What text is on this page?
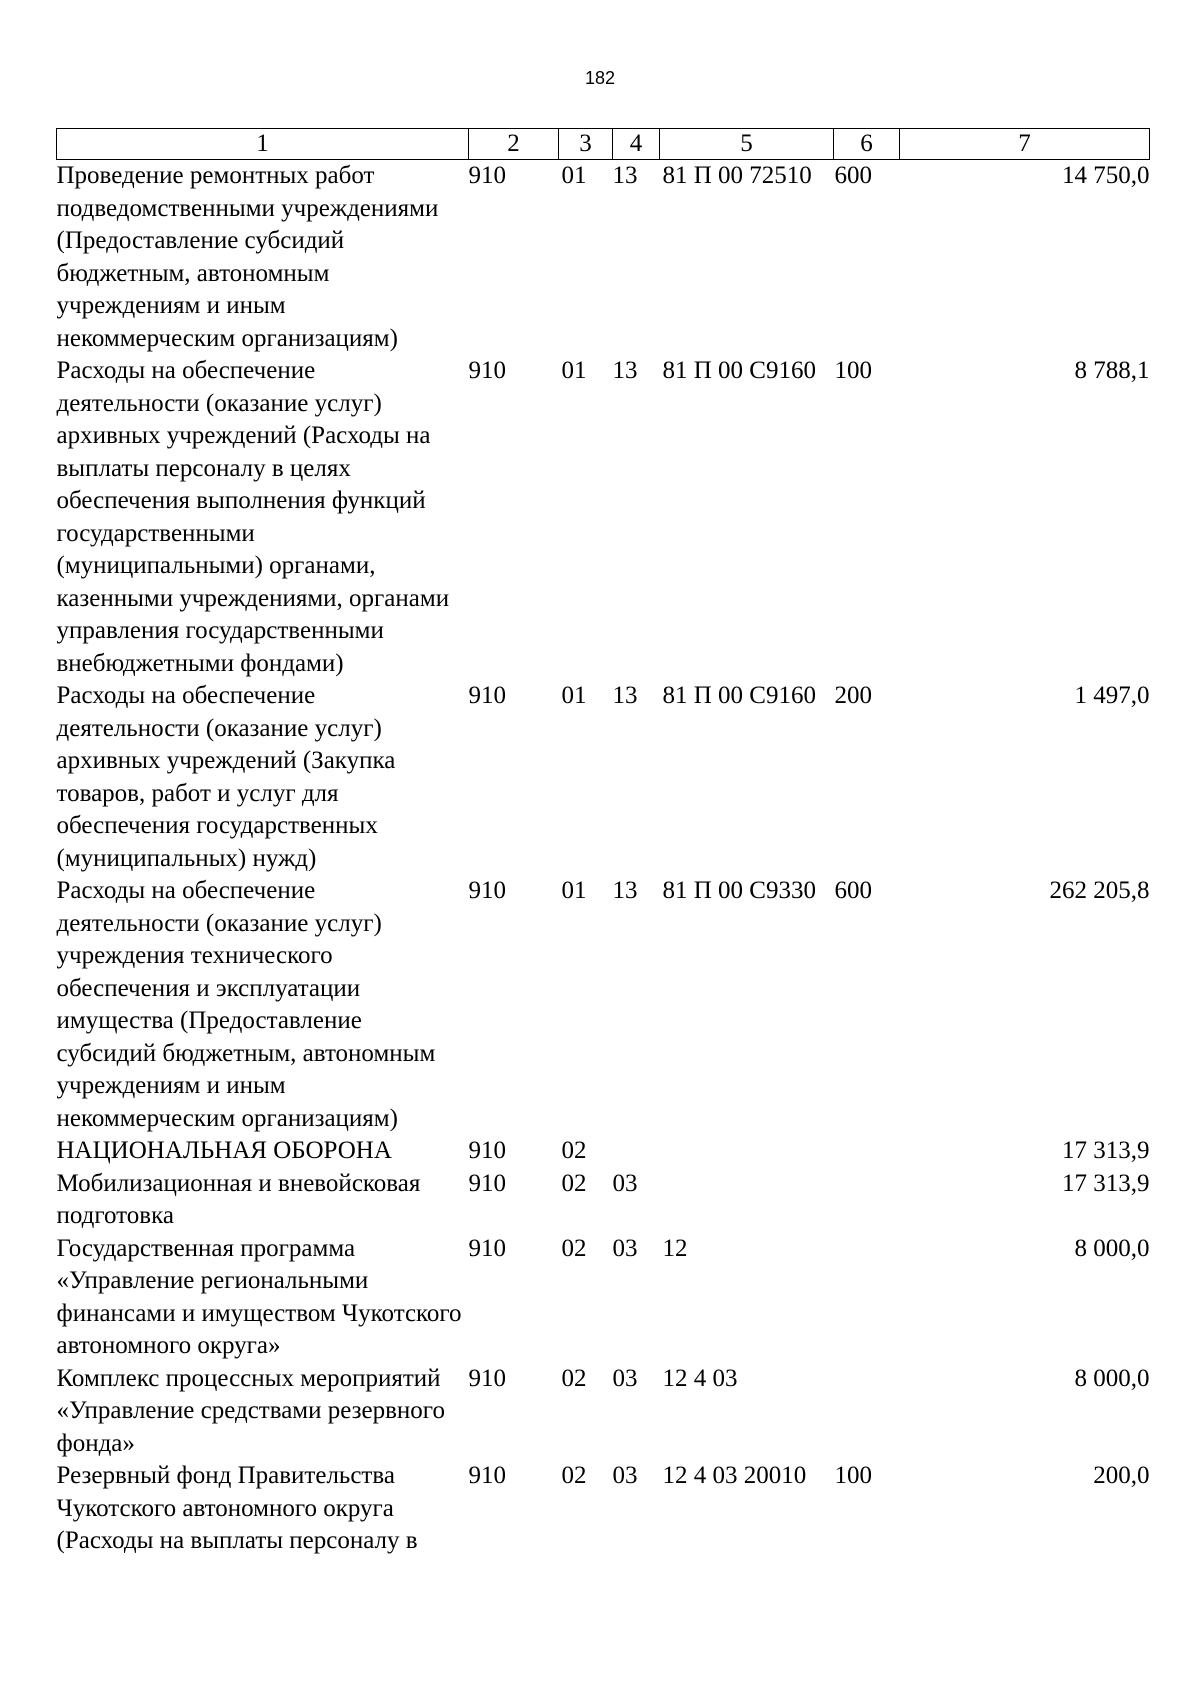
182
1	2	3	4	5	6	7
Проведение ремонтных работ подведомственными учреждениями (Предоставление субсидий бюджетным, автономным учреждениям и иным некоммерческим организациям)	910	01	13	81 П 00 72510	600	14 750,0
Расходы на обеспечение деятельности (оказание услуг) архивных учреждений (Расходы на выплаты персоналу в целях обеспечения выполнения функций государственными (муниципальными) органами, казенными учреждениями, органами управления государственными внебюджетными фондами)	910	01	13	81 П 00 С9160	100	8 788,1
Расходы на обеспечение деятельности (оказание услуг) архивных учреждений (Закупка товаров, работ и услуг для обеспечения государственных (муниципальных) нужд)	910	01	13	81 П 00 С9160	200	1 497,0
Расходы на обеспечение деятельности (оказание услуг) учреждения технического обеспечения и эксплуатации имущества (Предоставление субсидий бюджетным, автономным учреждениям и иным некоммерческим организациям)	910	01	13	81 П 00 С9330	600	262 205,8
НАЦИОНАЛЬНАЯ ОБОРОНА	910	02				17 313,9
Мобилизационная и вневойсковая подготовка	910	02	03			17 313,9
Государственная программа «Управление региональными финансами и имуществом Чукотского автономного округа»	910	02	03	12		8 000,0
Комплекс процессных мероприятий «Управление средствами резервного фонда»	910	02	03	12 4 03		8 000,0
Резервный фонд Правительства Чукотского автономного округа (Расходы на выплаты персоналу в	910	02	03	12 4 03 20010	100	200,0
